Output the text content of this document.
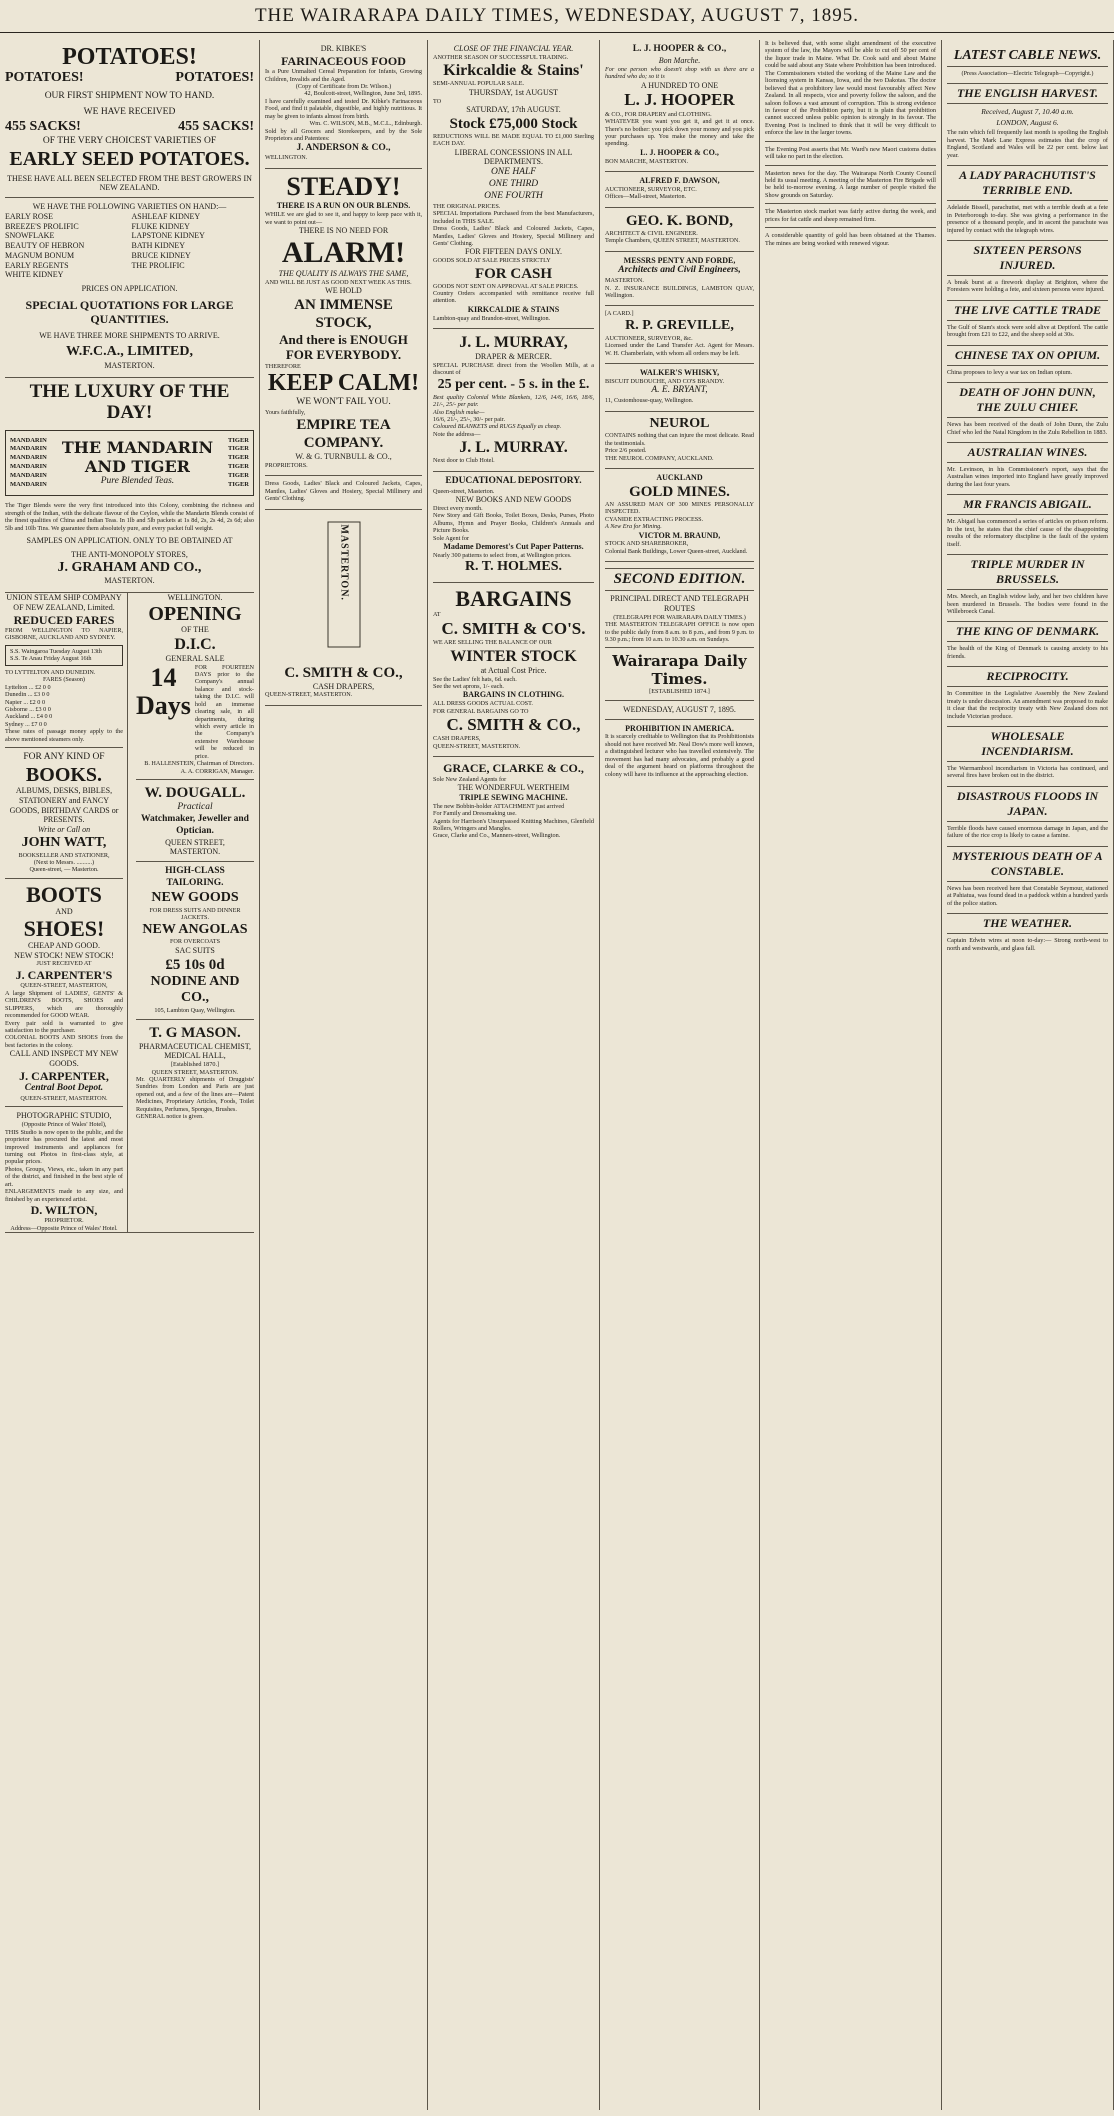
THE WAIRARAPA DAILY TIMES, WEDNESDAY, AUGUST 7, 1895.
POTATOES!
POTATOES!	POTATOES!
OUR FIRST SHIPMENT NOW TO HAND.
WE HAVE RECEIVED
455 SACKS!	455 SACKS!
OF THE VERY CHOICEST VARIETIES OF
EARLY SEED POTATOES.
THESE HAVE ALL BEEN SELECTED FROM THE BEST GROWERS IN NEW ZEALAND.
WE HAVE THE FOLLOWING VARIETIES ON HAND:—
EARLY ROSE
BREEZE'S PROLIFIC
SNOWFLAKE
BEAUTY OF HEBRON
MAGNUM BONUM
EARLY REGENTS
WHITE KIDNEY
ASHLEAF KIDNEY
FLUKE KIDNEY
LAPSTONE KIDNEY
BATH KIDNEY
BRUCE KIDNEY
THE PROLIFIC
PRICES ON APPLICATION.
SPECIAL QUOTATIONS FOR LARGE QUANTITIES.
WE HAVE THREE MORE SHIPMENTS TO ARRIVE.
W.F.C.A., LIMITED,
MASTERTON.
THE LUXURY OF THE DAY!
MANDARIN
MANDARIN
MANDARIN
MANDARIN
MANDARIN
MANDARIN
THE MANDARIN AND TIGER
Pure Blended Teas.
TIGER
TIGER
TIGER
TIGER
TIGER
TIGER
The Tiger Blends were the very first introduced into this Colony, combining the richness and strength of the Indian, with the delicate flavour of the Ceylon, while the Mandarin Blends consist of the finest qualities of China and Indian Teas. In 1lb and 5lb packets at 1s 8d, 2s, 2s 4d, 2s 6d; also 5lb and 10lb Tins. We guarantee them absolutely pure, and every packet full weight.
SAMPLES ON APPLICATION. ONLY TO BE OBTAINED AT
THE ANTI-MONOPOLY STORES,
J. GRAHAM AND CO.,
MASTERTON.
UNION STEAM SHIP COMPANY OF NEW ZEALAND, Limited.
REDUCED FARES
FROM WELLINGTON TO NAPIER, GISBORNE, AUCKLAND AND SYDNEY.
S.S. Waingaroa Tuesday August 13th
S.S. Te Anau Friday August 16th
TO LYTTELTON AND DUNEDIN.
FARES (Season)
Lyttelton ... £2 0 0
Dunedin ... £3 0 0
Napier ... £2 0 0
Gisborne ... £3 0 0
Auckland ... £4 0 0
Sydney ... £7 0 0
These rates of passage money apply to the above mentioned steamers only.
FOR ANY KIND OF
BOOKS.
ALBUMS, DESKS, BIBLES, STATIONERY and FANCY GOODS, BIRTHDAY CARDS or PRESENTS.
Write or Call on
JOHN WATT,
BOOKSELLER AND STATIONER,
(Next to Messrs. ..........)
Queen-street, — Masterton.
BOOTS
AND
SHOES!
CHEAP AND GOOD.
NEW STOCK! NEW STOCK!
JUST RECEIVED AT
J. CARPENTER'S
QUEEN-STREET, MASTERTON,
A large Shipment of LADIES', GENTS' & CHILDREN'S BOOTS, SHOES and SLIPPERS, which are thoroughly recommended for GOOD WEAR.
Every pair sold is warranted to give satisfaction to the purchaser.
COLONIAL BOOTS AND SHOES from the best factories in the colony.
CALL AND INSPECT MY NEW GOODS.
J. CARPENTER,
Central Boot Depot.
QUEEN-STREET, MASTERTON.
PHOTOGRAPHIC STUDIO,
(Opposite Prince of Wales' Hotel),
THIS Studio is now open to the public, and the proprietor has procured the latest and most improved instruments and appliances for turning out Photos in first-class style, at popular prices.
Photos, Groups, Views, etc., taken in any part of the district, and finished in the best style of art.
ENLARGEMENTS made to any size, and finished by an experienced artist.
D. WILTON,
PROPRIETOR.
Address—Opposite Prince of Wales' Hotel.
WELLINGTON.
OPENING
OF THE
D.I.C.
GENERAL SALE
14 Days
FOR FOURTEEN DAYS prior to the Company's annual balance and stock-taking the D.I.C. will hold an immense clearing sale, in all departments, during which every article in the Company's extensive Warehouse will be reduced in price.
B. HALLENSTEIN, Chairman of Directors.
A. A. CORRIGAN, Manager.
W. DOUGALL.
Practical
Watchmaker, Jeweller and Optician.
QUEEN STREET,
MASTERTON.
HIGH-CLASS TAILORING.
NEW GOODS
FOR DRESS SUITS AND DINNER JACKETS.
NEW ANGOLAS
FOR OVERCOATS
SAC SUITS
£5 10s 0d
NODINE AND CO.,
105, Lambton Quay, Wellington.
T. G MASON.
PHARMACEUTICAL CHEMIST,
MEDICAL HALL,
[Established 1870.]
QUEEN STREET, MASTERTON.
Mr. QUARTERLY shipments of Druggists' Sundries from London and Paris are just opened out, and a few of the lines are—Patent Medicines, Proprietary Articles, Foods, Toilet Requisites, Perfumes, Sponges, Brushes.
GENERAL notice is given.
DR. KIBKE'S
FARINACEOUS FOOD
Is a Pure Unmalted Cereal Preparation for Infants, Growing Children, Invalids and the Aged.
(Copy of Certificate from Dr. Wilson.)
42, Boulcott-street, Wellington, June 3rd, 1895.
I have carefully examined and tested Dr. Kibke's Farinaceous Food, and find it palatable, digestible, and highly nutritious. It may be given to infants almost from birth.
Wm. C. WILSON, M.B., M.C.L., Edinburgh.
Sold by all Grocers and Storekeepers, and by the Sole Proprietors and Patentees:
J. ANDERSON & CO.,
WELLINGTON.
STEADY!
THERE IS A RUN ON OUR BLENDS.
WHILE we are glad to see it, and happy to keep pace with it, we want to point out—
THERE IS NO NEED FOR
ALARM!
THE QUALITY IS ALWAYS THE SAME,
AND WILL BE JUST AS GOOD NEXT WEEK AS THIS.
WE HOLD
AN IMMENSE STOCK,
And there is ENOUGH FOR EVERYBODY.
THEREFORE
KEEP CALM!
WE WON'T FAIL YOU.
Yours faithfully,
EMPIRE TEA COMPANY.
W. & G. TURNBULL & CO.,
PROPRIETORS.
Dress Goods, Ladies' Black and Coloured Jackets, Capes, Mantles, Ladies' Gloves and Hosiery, Special Millinery and Gents' Clothing.
MASTERTON.
C. SMITH & CO.,
CASH DRAPERS,
QUEEN-STREET, MASTERTON.
CLOSE OF THE FINANCIAL YEAR.
ANOTHER SEASON OF SUCCESSFUL TRADING.
Kirkcaldie & Stains'
SEMI-ANNUAL POPULAR SALE.
THURSDAY, 1st AUGUST
TO
SATURDAY, 17th AUGUST.
Stock £75,000 Stock
REDUCTIONS WILL BE MADE EQUAL TO £1,000 Sterling EACH DAY.
LIBERAL CONCESSIONS IN ALL DEPARTMENTS.
ONE HALF
ONE THIRD
ONE FOURTH
THE ORIGINAL PRICES.
SPECIAL Importations Purchased from the best Manufacturers, included in THIS SALE.
Dress Goods, Ladies' Black and Coloured Jackets, Capes, Mantles, Ladies' Gloves and Hosiery, Special Millinery and Gents' Clothing.
FOR FIFTEEN DAYS ONLY.
GOODS SOLD AT SALE PRICES STRICTLY
FOR CASH
GOODS NOT SENT ON APPROVAL AT SALE PRICES.
Country Orders accompanied with remittance receive full attention.
KIRKCALDIE & STAINS
Lambton-quay and Brandon-street, Wellington.
J. L. MURRAY,
DRAPER & MERCER.
SPECIAL PURCHASE direct from the Woollen Mills, at a discount of
25 per cent. - 5 s. in the £.
Best quality Colonial White Blankets, 12/6, 14/6, 16/6, 18/6, 21/-, 25/- per pair.
Also English make—
16/6, 21/-, 25/-, 30/- per pair.
Coloured BLANKETS and RUGS Equally as cheap.
Note the address—
J. L. MURRAY.
Next door to Club Hotel.
EDUCATIONAL DEPOSITORY.
Queen-street, Masterton.
NEW BOOKS AND NEW GOODS
Direct every month.
New Story and Gift Books, Toilet Boxes, Desks, Purses, Photo Albums, Hymn and Prayer Books, Children's Annuals and Picture Books.
Sole Agent for
Madame Demorest's Cut Paper Patterns.
Nearly 300 patterns to select from, at Wellington prices.
R. T. HOLMES.
BARGAINS
AT
C. SMITH & CO'S.
WE ARE SELLING THE BALANCE OF OUR
WINTER STOCK
at Actual Cost Price.
See the Ladies' felt hats, 6d. each.
See the wet aprons, 1/- each.
BARGAINS IN CLOTHING.
ALL DRESS GOODS ACTUAL COST.
FOR GENERAL BARGAINS GO TO
C. SMITH & CO.,
CASH DRAPERS,
QUEEN-STREET, MASTERTON.
GRACE, CLARKE & CO.,
Sole New Zealand Agents for
THE WONDERFUL WERTHEIM
TRIPLE SEWING MACHINE.
The new Bobbin-holder ATTACHMENT just arrived
For Family and Dressmaking use.
Agents for Harrison's Unsurpassed Knitting Machines, Glenfield Rollers, Wringers and Mangles.
Grace, Clarke and Co., Manners-street, Wellington.
L. J. HOOPER & CO.,
Bon Marche.
For one person who doesn't shop with us there are a hundred who do; so it is
A HUNDRED TO ONE
L. J. HOOPER
& CO., FOR DRAPERY and CLOTHING.
WHATEVER you want you get it, and get it at once. There's no bother: you pick down your money and you pick your purchases up. You make the money and take the spending.
L. J. HOOPER & CO.,
BON MARCHE, MASTERTON.
ALFRED F. DAWSON,
AUCTIONEER, SURVEYOR, ETC.
Offices—Mall-street, Masterton.
GEO. K. BOND,
ARCHITECT & CIVIL ENGINEER.
Temple Chambers, QUEEN STREET, MASTERTON.
MESSRS PENTY AND FORDE,
Architects and Civil Engineers,
MASTERTON.
N. Z. INSURANCE BUILDINGS, LAMBTON QUAY, Wellington.
[A CARD.]
R. P. GREVILLE,
AUCTIONEER, SURVEYOR, &c.
Licensed under the Land Transfer Act. Agent for Messrs. W. H. Chamberlain, with whom all orders may be left.
WALKER'S WHISKY,
BISCUIT DUBOUCHE, AND CO'S BRANDY.
A. E. BRYANT,
11, Customhouse-quay, Wellington.
NEUROL
CONTAINS nothing that can injure the most delicate. Read the testimonials.
Price 2/6 posted.
THE NEUROL COMPANY, AUCKLAND.
AUCKLAND
GOLD MINES.
AN ASSURED MAN OF 300 MINES PERSONALLY INSPECTED.
CYANIDE EXTRACTING PROCESS.
A New Era for Mining.
VICTOR M. BRAUND,
STOCK AND SHAREBROKER,
Colonial Bank Buildings, Lower Queen-street, Auckland.
SECOND EDITION.
PRINCIPAL DIRECT AND TELEGRAPH ROUTES
(TELEGRAPH FOR WAIRARAPA DAILY TIMES.)
THE MASTERTON TELEGRAPH OFFICE is now open to the public daily from 8 a.m. to 8 p.m., and from 9 p.m. to 9.30 p.m.; from 10 a.m. to 10.30 a.m. on Sundays.
Wairarapa Daily Times.
[ESTABLISHED 1874.]
WEDNESDAY, AUGUST 7, 1895.
PROHIBITION IN AMERICA.
It is scarcely creditable to Wellington that its Prohibitionists should not have received Mr. Neal Dow's more well known, a distinguished lecturer who has travelled extensively. The movement has had many advocates, and probably a good deal of the argument heard on platforms throughout the colony will have its influence at the approaching election.
It is believed that, with some slight amendment of the executive system of the law, the Mayors will be able to cut off 50 per cent of the liquor trade in Maine. What Dr. Cook said and about Maine could be said about any State where Prohibition has been introduced. The Commissioners visited the working of the Maine Law and the licensing system in Kansas, Iowa, and the two Dakotas. The doctor believed that a prohibitory law would most favourably affect New Zealand. In all respects, vice and poverty follow the saloon, and the saloon follows a vast amount of corruption. This is strong evidence in favour of the Prohibition party, but it is plain that prohibition cannot succeed unless public opinion is strongly in its favour. The Evening Post is inclined to think that it will be very difficult to enforce the law in the larger towns.
The Evening Post asserts that Mr. Ward's new Maori customs duties will take no part in the election.
Masterton news for the day. The Wairarapa North County Council held its usual meeting. A meeting of the Masterton Fire Brigade will be held to-morrow evening. A large number of people visited the Show grounds on Saturday.
The Masterton stock market was fairly active during the week, and prices for fat cattle and sheep remained firm.
A considerable quantity of gold has been obtained at the Thames. The mines are being worked with renewed vigour.
LATEST CABLE NEWS.
(Press Association—Electric Telegraph—Copyright.)
THE ENGLISH HARVEST.
Received, August 7, 10.40 a.m.
LONDON, August 6.
The rain which fell frequently last month is spoiling the English harvest. The Mark Lane Express estimates that the crop of England, Scotland and Wales will be 22 per cent. below last year.
A LADY PARACHUTIST'S TERRIBLE END.
Adelaide Bissell, parachutist, met with a terrible death at a fete in Peterborough to-day. She was giving a performance in the presence of a thousand people, and in ascent the parachute was injured by contact with the telegraph wires.
SIXTEEN PERSONS INJURED.
A break burst at a firework display at Brighton, where the Foresters were holding a fete, and sixteen persons were injured.
THE LIVE CATTLE TRADE
The Gulf of Siam's stock were sold alive at Deptford. The cattle brought from £21 to £22, and the sheep sold at 30s.
CHINESE TAX ON OPIUM.
China proposes to levy a war tax on Indian opium.
DEATH OF JOHN DUNN, THE ZULU CHIEF.
News has been received of the death of John Dunn, the Zulu Chief who led the Natal Kingdom in the Zulu Rebellion in 1883.
AUSTRALIAN WINES.
Mr. Levinson, in his Commissioner's report, says that the Australian wines imported into England have greatly improved during the last four years.
MR FRANCIS ABIGAIL.
Mr. Abigail has commenced a series of articles on prison reform. In the text, he states that the chief cause of the disappointing results of the reformatory discipline is the fault of the system itself.
TRIPLE MURDER IN BRUSSELS.
Mrs. Meech, an English widow lady, and her two children have been murdered in Brussels. The bodies were found in the Willebroeck Canal.
THE KING OF DENMARK.
The health of the King of Denmark is causing anxiety to his friends.
RECIPROCITY.
In Committee in the Legislative Assembly the New Zealand treaty is under discussion. An amendment was proposed to make it clear that the reciprocity treaty with New Zealand does not include Victorian produce.
WHOLESALE INCENDIARISM.
The Warrnambool incendiarism in Victoria has continued, and several fires have broken out in the district.
DISASTROUS FLOODS IN JAPAN.
Terrible floods have caused enormous damage in Japan, and the failure of the rice crop is likely to cause a famine.
MYSTERIOUS DEATH OF A CONSTABLE.
News has been received here that Constable Seymour, stationed at Pahiatua, was found dead in a paddock within a hundred yards of the police station.
THE WEATHER.
Captain Edwin wires at noon to-day:— Strong north-west to north and westwards, and glass fall.
